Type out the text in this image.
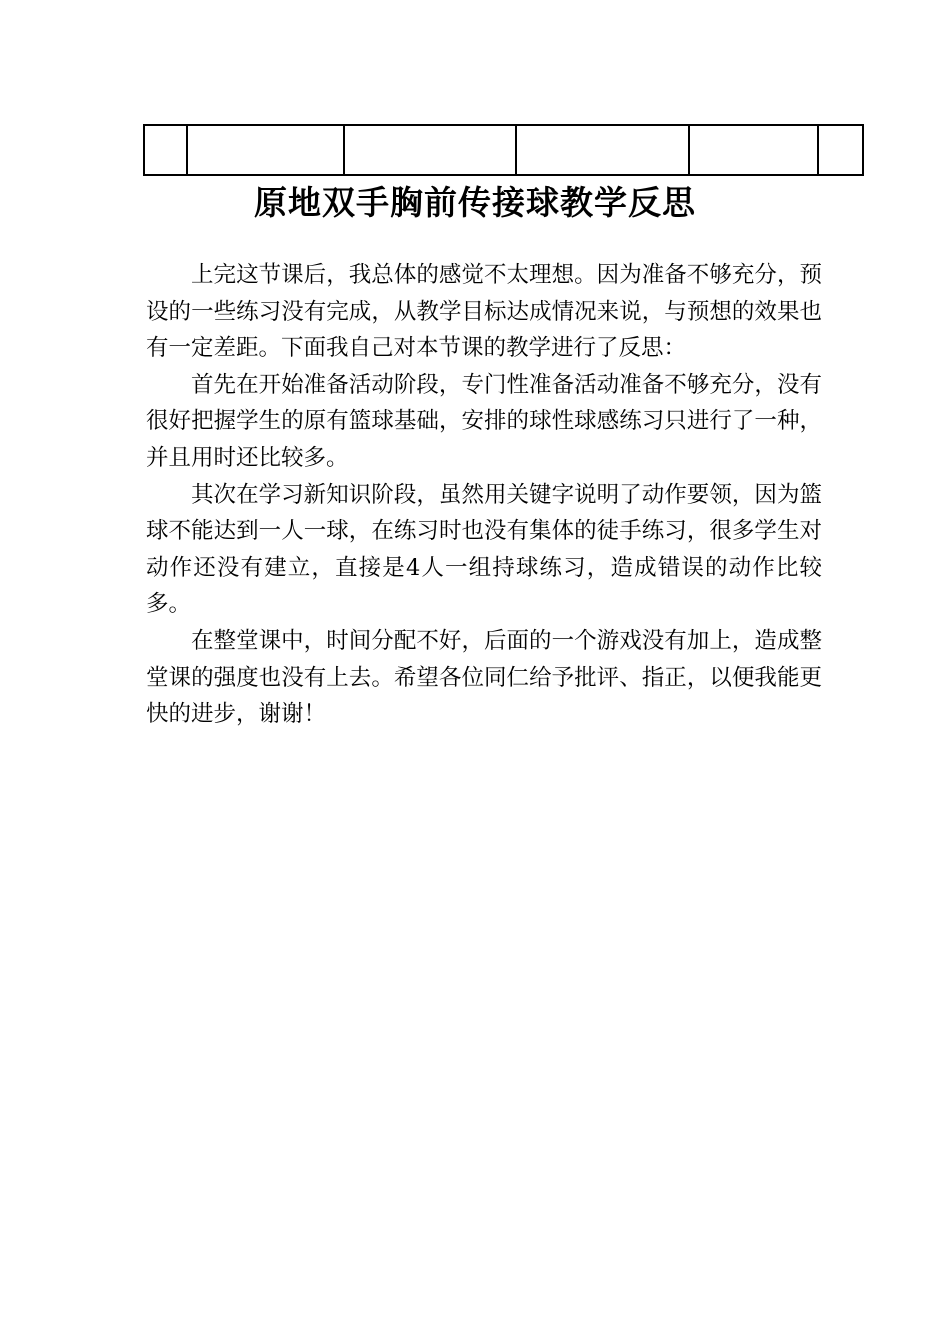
原地双手胸前传接球教学反思

上完这节课后，我总体的感觉不太理想。因为准备不够充分，预设的一些练习没有完成，从教学目标达成情况来说，与预想的效果也有一定差距。下面我自己对本节课的教学进行了反思：

首先在开始准备活动阶段，专门性准备活动准备不够充分，没有很好把握学生的原有篮球基础，安排的球性球感练习只进行了一种，并且用时还比较多。

其次在学习新知识阶段，虽然用关键字说明了动作要领，因为篮球不能达到一人一球，在练习时也没有集体的徒手练习，很多学生对动作还没有建立，直接是4人一组持球练习，造成错误的动作比较多。

在整堂课中，时间分配不好，后面的一个游戏没有加上，造成整堂课的强度也没有上去。希望各位同仁给予批评、指正，以便我能更快的进步，谢谢！
